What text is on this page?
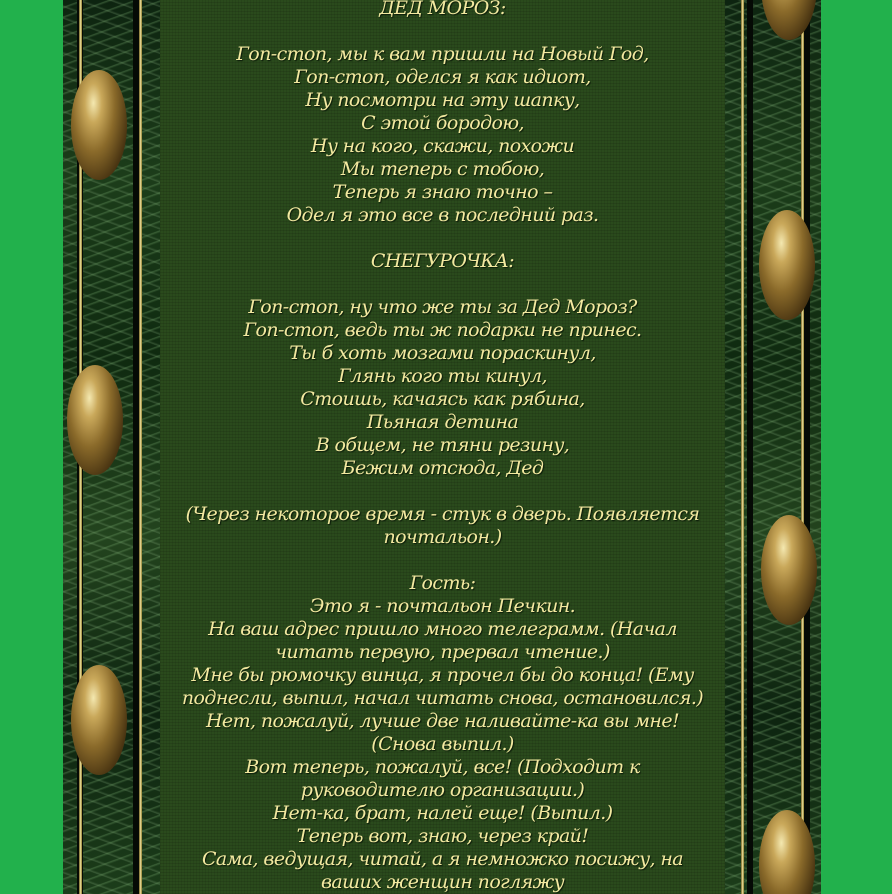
ДЕД МОРОЗ:
Гоп-стоп, мы к вам пришли на Новый Год,
Гоп-стоп, оделся я как идиот,
Ну посмотри на эту шапку,
С этой бородою,
Ну на кого, скажи, похожи
Мы теперь с тобою,
Теперь я знаю точно –
Одел я это все в последний раз.
СНЕГУРОЧКА:
Гоп-стоп, ну что же ты за Дед Мороз?
Гоп-стоп, ведь ты ж подарки не принес.
Ты б хоть мозгами пораскинул,
Глянь кого ты кинул,
Стоишь, качаясь как рябина,
Пьяная детина
В общем, не тяни резину,
Бежим отсюда, Дед
(Через некоторое время - стук в дверь. Появляется почтальон.)
Гость:
Это я - почтальон Печкин.
На ваш адрес пришло много телеграмм. (Начал читать первую, прервал чтение.)
Мне бы рюмочку винца, я прочел бы до конца! (Ему поднесли, выпил, начал читать снова, остановился.)
Нет, пожалуй, лучше две наливайте-ка вы мне! (Снова выпил.)
Вот теперь, пожалуй, все! (Подходит к руководителю организации.)
Нет-ка, брат, налей еще! (Выпил.)
Теперь вот, знаю, через край!
Сама, ведущая, читай, а я немножко посижу, на ваших женщин погляжу
